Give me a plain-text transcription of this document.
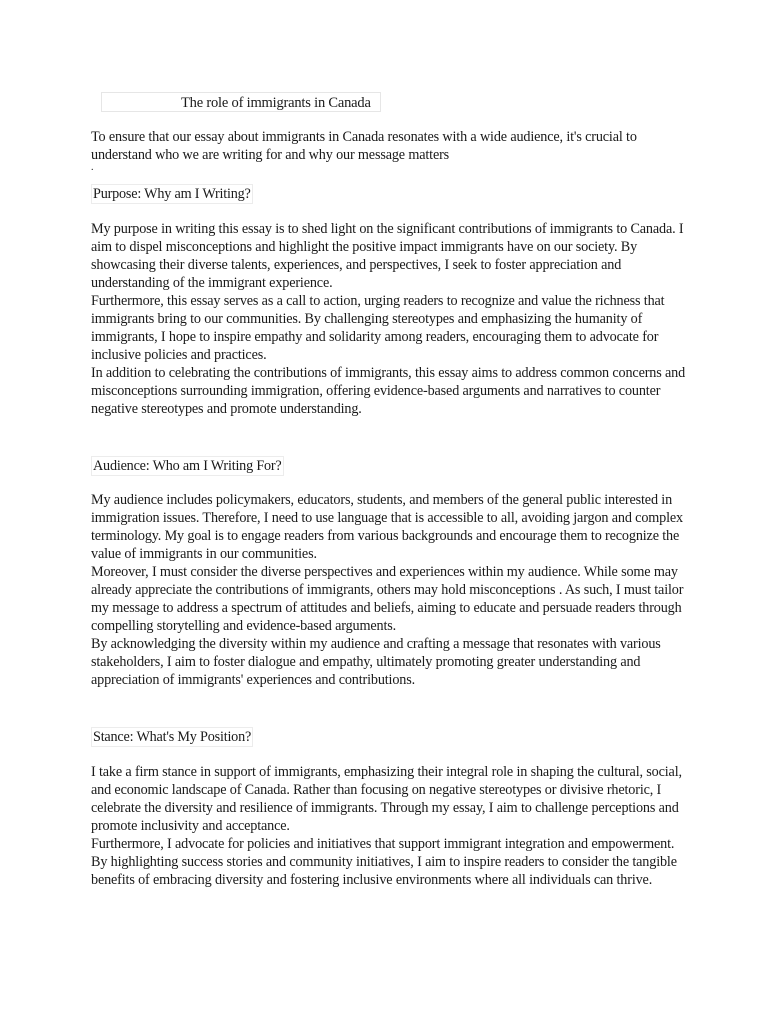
The role of immigrants in Canada

To ensure that our essay about immigrants in Canada resonates with a wide audience, it's crucial to understand who we are writing for and why our message matters

.
Purpose: Why am I Writing?

My purpose in writing this essay is to shed light on the significant contributions of immigrants to Canada. I aim to dispel misconceptions and highlight the positive impact immigrants have on our society. By showcasing their diverse talents, experiences, and perspectives, I seek to foster appreciation and understanding of the immigrant experience.

Furthermore, this essay serves as a call to action, urging readers to recognize and value the richness that immigrants bring to our communities. By challenging stereotypes and emphasizing the humanity of immigrants, I hope to inspire empathy and solidarity among readers, encouraging them to advocate for inclusive policies and practices.

In addition to celebrating the contributions of immigrants, this essay aims to address common concerns and misconceptions surrounding immigration, offering evidence-based arguments and narratives to counter negative stereotypes and promote understanding.

Audience: Who am I Writing For?

My audience includes policymakers, educators, students, and members of the general public interested in immigration issues. Therefore, I need to use language that is accessible to all, avoiding jargon and complex terminology. My goal is to engage readers from various backgrounds and encourage them to recognize the value of immigrants in our communities.

Moreover, I must consider the diverse perspectives and experiences within my audience. While some may already appreciate the contributions of immigrants, others may hold misconceptions . As such, I must tailor my message to address a spectrum of attitudes and beliefs, aiming to educate and persuade readers through compelling storytelling and evidence-based arguments.

By acknowledging the diversity within my audience and crafting a message that resonates with various stakeholders, I aim to foster dialogue and empathy, ultimately promoting greater understanding and appreciation of immigrants' experiences and contributions.

Stance: What's My Position?

I take a firm stance in support of immigrants, emphasizing their integral role in shaping the cultural, social, and economic landscape of Canada. Rather than focusing on negative stereotypes or divisive rhetoric, I celebrate the diversity and resilience of immigrants. Through my essay, I aim to challenge perceptions and promote inclusivity and acceptance.

Furthermore, I advocate for policies and initiatives that support immigrant integration and empowerment. By highlighting success stories and community initiatives, I aim to inspire readers to consider the tangible benefits of embracing diversity and fostering inclusive environments where all individuals can thrive.
